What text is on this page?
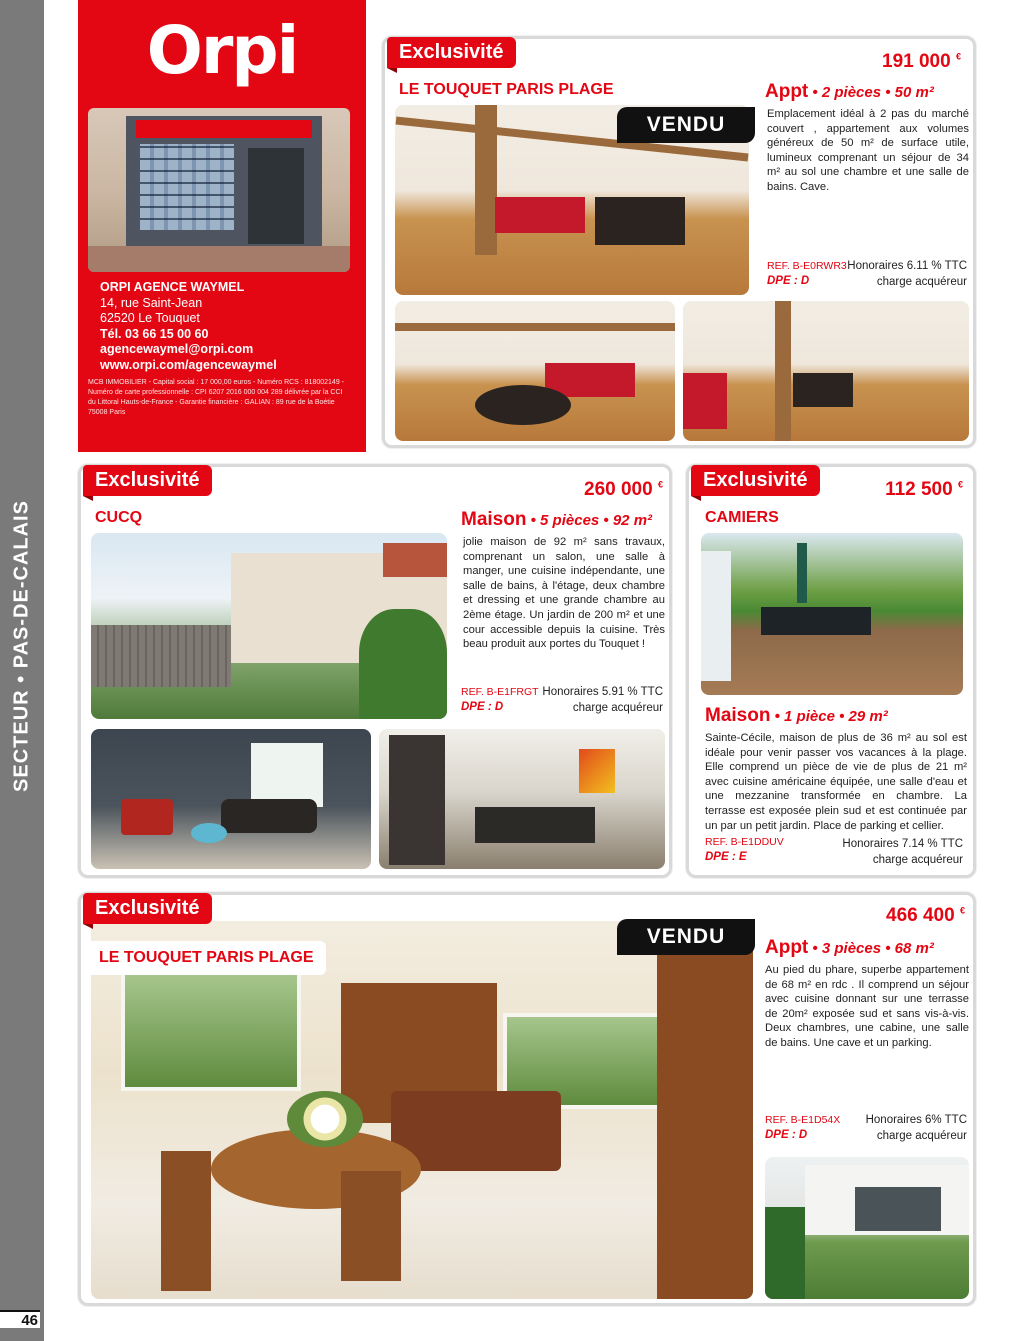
SECTEUR • PAS-DE-CALAIS
46
Orpi
ORPI AGENCE WAYMEL
14, rue Saint-Jean
62520 Le Touquet
Tél. 03 66 15 00 60
agencewaymel@orpi.com
www.orpi.com/agencewaymel
MCB IMMOBILIER - Capital social : 17 000,00 euros - Numéro RCS : 818002149 - Numéro de carte professionnelle : CPI 6207 2016 000 004 289 délivrée par la CCI du Littoral Hauts-de-France - Garantie financière : GALIAN : 89 rue de la Boétie 75008 Paris
Exclusivité
LE TOUQUET PARIS PLAGE
191 000 €
Appt • 2 pièces • 50 m²
Emplacement idéal à 2 pas du marché couvert , appartement aux volumes généreux de 50 m² de surface utile, lumineux comprenant un séjour de 34 m² au sol une chambre et une salle de bains. Cave.
REF. B-E0RWR3
DPE : D
Honoraires 6.11 % TTC
charge acquéreur
VENDU
Exclusivité
CUCQ
260 000 €
Maison • 5 pièces • 92 m²
jolie maison de 92 m² sans travaux, comprenant un salon, une salle à manger, une cuisine indépendante, une salle de bains, à l'étage, deux chambre et dressing et une grande chambre au 2ème étage. Un jardin de 200 m² et une cour accessible depuis la cuisine. Très beau produit aux portes du Touquet !
REF. B-E1FRGT
DPE : D
Honoraires 5.91 % TTC
charge acquéreur
Exclusivité
CAMIERS
112 500 €
Maison • 1 pièce • 29 m²
Sainte-Cécile, maison de plus de 36 m² au sol est idéale pour venir passer vos vacances à la plage. Elle comprend un pièce de vie de plus de 21 m² avec cuisine américaine équipée, une salle d'eau et une mezzanine transformée en chambre. La terrasse est exposée plein sud et est continuée par un par un petit jardin. Place de parking et cellier.
REF. B-E1DDUV
DPE : E
Honoraires 7.14 % TTC
charge acquéreur
Exclusivité
LE TOUQUET PARIS PLAGE
VENDU
466 400 €
Appt • 3 pièces • 68 m²
Au pied du phare, superbe appartement de 68 m² en rdc . Il comprend un séjour avec cuisine donnant sur une terrasse de 20m² exposée sud et sans vis-à-vis. Deux chambres, une cabine, une salle de bains. Une cave et un parking.
REF. B-E1D54X
DPE : D
Honoraires 6% TTC
charge acquéreur
